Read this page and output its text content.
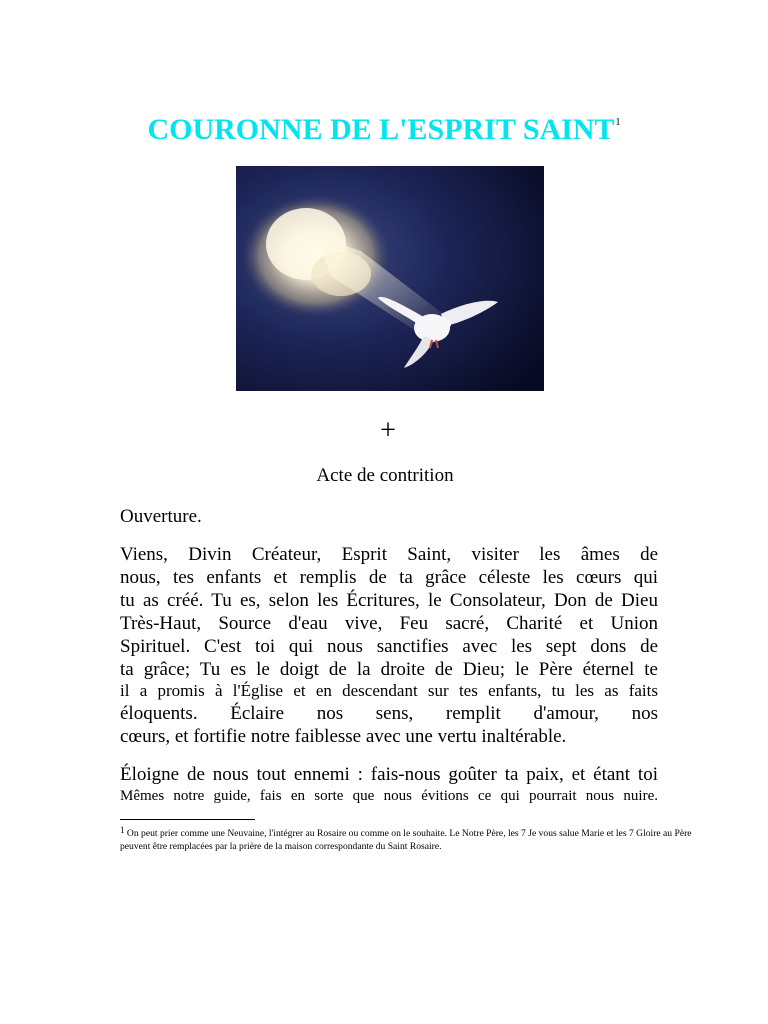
COURONNE DE L'ESPRIT $SAINT^1$
+
Acte de contrition
Ouverture.
Viens, Divin Créateur, Esprit Saint, visiter les âmes de
nous, tes enfants et remplis de ta grâce céleste les cœurs qui
tu as créé. Tu es, selon les Écritures, le Consolateur, Don de Dieu
Très-Haut, Source d'eau vive, Feu sacré, Charité et Union
Spirituel. C'est toi qui nous sanctifies avec les sept dons de
ta grâce; Tu es le doigt de la droite de Dieu; le Père éternel te
il a promis à l'Église et en descendant sur tes enfants, tu les as faits
éloquents. Éclaire nos sens, remplit d'amour, nos
cœurs, et fortifie notre faiblesse avec une vertu inaltérable.
Éloigne de nous tout ennemi : fais-nous goûter ta paix, et étant toi
Mêmes notre guide, fais en sorte que nous évitions ce qui pourrait nous nuire.
$^1$ On peut prier comme une Neuvaine, l'intégrer au Rosaire ou comme on le souhaite. Le Notre Père, les 7 Je vous salue Marie et les 7 Gloire au Père
peuvent être remplacées par la prière de la maison correspondante du Saint Rosaire.
